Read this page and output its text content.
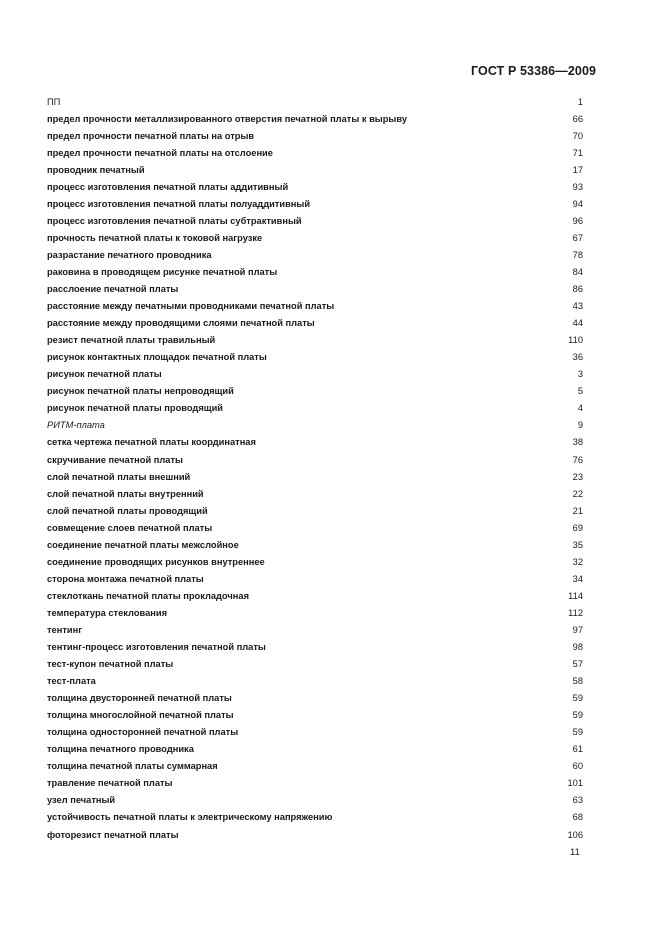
ГОСТ Р 53386—2009
ПП	1
предел прочности металлизированного отверстия печатной платы к вырыву	66
предел прочности печатной платы на отрыв	70
предел прочности печатной платы на отслоение	71
проводник печатный	17
процесс изготовления печатной платы аддитивный	93
процесс изготовления печатной платы полуаддитивный	94
процесс изготовления печатной платы субтрактивный	96
прочность печатной платы к токовой нагрузке	67
разрастание печатного проводника	78
раковина в проводящем рисунке печатной платы	84
расслоение печатной платы	86
расстояние между печатными проводниками печатной платы	43
расстояние между проводящими слоями печатной платы	44
резист печатной платы травильный	110
рисунок контактных площадок печатной платы	36
рисунок печатной платы	3
рисунок печатной платы непроводящий	5
рисунок печатной платы проводящий	4
РИТМ-плата	9
сетка чертежа печатной платы координатная	38
скручивание печатной платы	76
слой печатной платы внешний	23
слой печатной платы внутренний	22
слой печатной платы проводящий	21
совмещение слоев печатной платы	69
соединение печатной платы межслойное	35
соединение проводящих рисунков внутреннее	32
сторона монтажа печатной платы	34
стеклоткань печатной платы прокладочная	114
температура стеклования	112
тентинг	97
тентинг-процесс изготовления печатной платы	98
тест-купон печатной платы	57
тест-плата	58
толщина двусторонней печатной платы	59
толщина многослойной печатной платы	59
толщина односторонней печатной платы	59
толщина печатного проводника	61
толщина печатной платы суммарная	60
травление печатной платы	101
узел печатный	63
устойчивость печатной платы к электрическому напряжению	68
фоторезист печатной платы	106
11
